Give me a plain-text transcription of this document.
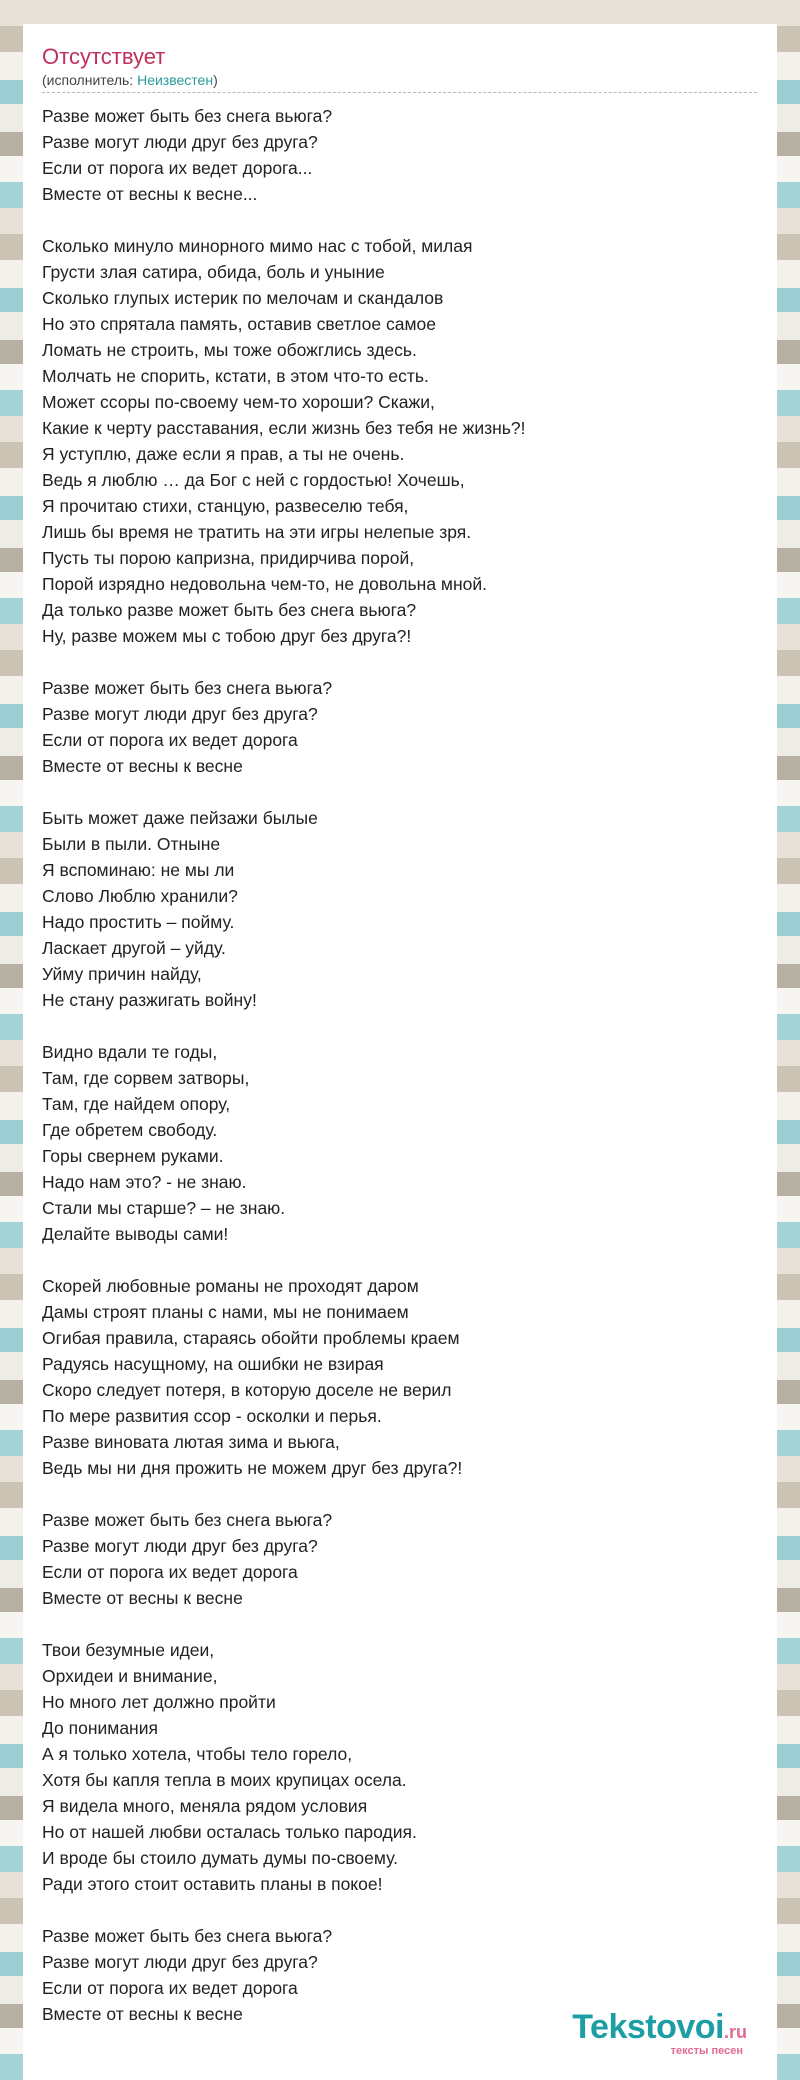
Отсутствует
(исполнитель: Неизвестен)

Разве может быть без снега вьюга?

Разве могут люди друг без друга?

Если от порога их ведет дорога...

Вместе от весны к весне...

Сколько минуло минорного мимо нас с тобой, милая

Грусти злая сатира, обида, боль и уныние

Сколько глупых истерик по мелочам и скандалов

Но это спрятала память, оставив светлое самое

Ломать не строить, мы тоже обожглись здесь.

Молчать не спорить, кстати, в этом что-то есть.

Может ссоры по-своему чем-то хороши? Скажи,

Какие к черту расставания, если жизнь без тебя не жизнь?!

Я уступлю, даже если я прав, а ты не очень.

Ведь я люблю … да Бог с ней с гордостью! Хочешь,

Я прочитаю стихи, станцую, развеселю тебя,

Лишь бы время не тратить на эти игры нелепые зря.

Пусть ты порою капризна, придирчива порой,

Порой изрядно недовольна чем-то, не довольна мной.

Да только разве может быть без снега вьюга?

Ну, разве можем мы с тобою друг без друга?!

Разве может быть без снега вьюга?

Разве могут люди друг без друга?

Если от порога их ведет дорога

Вместе от весны к весне

Быть может даже пейзажи былые

Были в пыли. Отныне

Я вспоминаю: не мы ли

Слово Люблю хранили?

Надо простить – пойму.

Ласкает другой – уйду.

Уйму причин найду,

Не стану разжигать войну!

Видно вдали те годы,

Там, где сорвем затворы,

Там, где найдем опору,

Где обретем свободу.

Горы свернем руками.

Надо нам это? - не знаю.

Стали мы старше? – не знаю.

Делайте выводы сами!

Скорей любовные романы не проходят даром

Дамы строят планы с нами, мы не понимаем

Огибая правила, стараясь обойти проблемы краем

Радуясь насущному, на ошибки не взирая

Скоро следует потеря, в которую доселе не верил

По мере развития ссор - осколки и перья.

Разве виновата лютая зима и вьюга,

Ведь мы ни дня прожить не можем друг без друга?!

Разве может быть без снега вьюга?

Разве могут люди друг без друга?

Если от порога их ведет дорога

Вместе от весны к весне

Твои безумные идеи,

Орхидеи и внимание,

Но много лет должно пройти

До понимания

А я только хотела, чтобы тело горело,

Хотя бы капля тепла в моих крупицах осела.

Я видела много, меняла рядом условия

Но от нашей любви осталась только пародия.

И вроде бы стоило думать думы по-своему.

Ради этого стоит оставить планы в покое!

Разве может быть без снега вьюга?

Разве могут люди друг без друга?

Если от порога их ведет дорога

Вместе от весны к весне	Tekstovoi.ru
тексты песен
